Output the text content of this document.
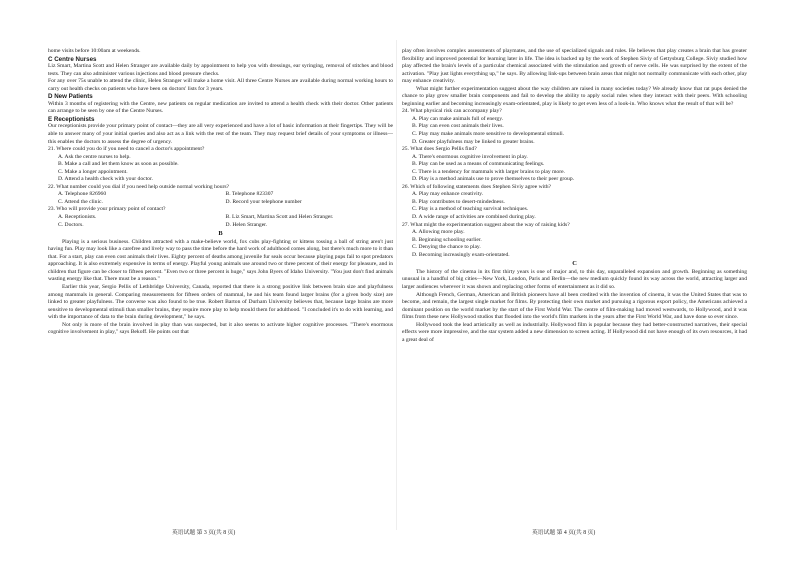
home visits before 10:00am at weekends.

C Centre Nurses

Liz Smart, Martina Scott and Helen Stranger are available daily by appointment to help you with dressings, ear syringing, removal of stitches and blood tests. They can also administer various injections and blood pressure checks.

For any over 75s unable to attend the clinic, Helen Stranger will make a home visit. All three Centre Nurses are available during normal working hours to carry out health checks on patients who have been on doctors' lists for 3 years.

D New Patients

Within 3 months of registering with the Centre, new patients on regular medication are invited to attend a health check with their doctor. Other patients can arrange to be seen by one of the Centre Nurses.

E Receptionists

Our receptionists provide your primary point of contact—they are all very experienced and have a lot of basic information at their fingertips. They will be able to answer many of your initial queries and also act as a link with the rest of the team. They may request brief details of your symptoms or illness—this enables the doctors to assess the degree of urgency.

21. Where could you do if you need to cancel a doctor's appointment?

A. Ask the centre nurses to help.

B. Make a call and let them know as soon as possible.

C. Make a longer appointment.

D. Attend a health check with your doctor.

22. What number could you dial if you need help outside normal working hours?

A. Telephone 826960	B. Telephone 823307
C. Attend the clinic.	D. Record your telephone number

23. Who will provide your primary point of contact?

A. Receptionists.	B. Liz Smart, Martina Scott and Helen Stranger.
C. Doctors.	D. Helen Stranger.
B

Playing is a serious business. Children attracted with a make-believe world, fox cubs play-fighting or kittens tossing a ball of string aren't just having fun. Play may look like a carefree and lively way to pass the time before the hard work of adulthood comes along, but there's much more to it than that. For a start, play can even cost animals their lives. Eighty percent of deaths among juvenile fur seals occur because playing pups fail to spot predators approaching. It is also extremely expensive in terms of energy. Playful young animals use around two or three percent of their energy for pleasure, and in children that figure can be closer to fifteen percent. "Even two or three percent is huge," says John Byers of Idaho University. "You just don't find animals wasting energy like that. There must be a reason."

Earlier this year, Sergio Pellis of Lethbridge University, Canada, reported that there is a strong positive link between brain size and playfulness among mammals in general. Comparing measurements for fifteen orders of mammal, he and his team found larger brains (for a given body size) are linked to greater playfulness. The converse was also found to be true. Robert Barton of Durham University believes that, because large brains are more sensitive to developmental stimuli than smaller brains, they require more play to help mould them for adulthood. "I concluded it's to do with learning, and with the importance of data to the brain during development," he says.

Not only is more of the brain involved in play than was suspected, but it also seems to activate higher cognitive processes. "There's enormous cognitive involvement in play," says Bekoff. He points out that

play often involves complex assessments of playmates, and the use of specialized signals and rules. He believes that play creates a brain that has greater flexibility and improved potential for learning later in life. The idea is backed up by the work of Stephen Siviy of Gettysburg College. Siviy studied how play affected the brain's levels of a particular chemical associated with the stimulation and growth of nerve cells. He was surprised by the extent of the activation. "Play just lights everything up," he says. By allowing link-ups between brain areas that might not normally communicate with each other, play may enhance creativity.

What might further experimentation suggest about the way children are raised in many societies today? We already know that rat pups denied the chance to play grow smaller brain components and fail to develop the ability to apply social rules when they interact with their peers. With schooling beginning earlier and becoming increasingly exam-orientated, play is likely to get even less of a look-in. Who knows what the result of that will be?

24. What physical risk can accompany play?

A. Play can make animals full of energy.

B. Play can even cost animals their lives.

C. Play may make animals more sensitive to developmental stimuli.

D. Greater playfulness may be linked to greater brains.

25. What does Sergio Pellis find?

A. There's enormous cognitive involvement in play.

B. Play can be used as a means of communicating feelings.

C. There is a tendency for mammals with larger brains to play more.

D. Play is a method animals use to prove themselves to their peer group.

26. Which of following statements does Stephen Siviy agree with?

A. Play may enhance creativity.

B. Play contributes to desert-mindedness.

C. Play is a method of teaching survival techniques.

D. A wide range of activities are combined during play.

27. What might the experimentation suggest about the way of raising kids?

A. Allowing more play.

B. Beginning schooling earlier.

C. Denying the chance to play.

D. Becoming increasingly exam-orientated.

C

The history of the cinema in its first thirty years is one of major and, to this day, unparalleled expansion and growth. Beginning as something unusual in a handful of big cities—New York, London, Paris and Berlin—the new medium quickly found its way across the world, attracting larger and larger audiences wherever it was shown and replacing other forms of entertainment as it did so.

Although French, German, American and British pioneers have all been credited with the invention of cinema, it was the United States that was to become, and remain, the largest single market for films. By protecting their own market and pursuing a rigorous export policy, the Americans achieved a dominant position on the world market by the start of the First World War. The centre of film-making had moved westwards, to Hollywood, and it was films from these new Hollywood studios that flooded into the world's film markets in the years after the First World War, and have done so ever since.

Hollywood took the lead artistically as well as industrially. Hollywood film is popular because they had better-constructed narratives, their special effects were more impressive, and the star system added a new dimension to screen acting. If Hollywood did not have enough of its own resources, it had a great deal of

英语试题 第 3 页(共 8 页)	英语试题 第 4 页(共 8 页)
